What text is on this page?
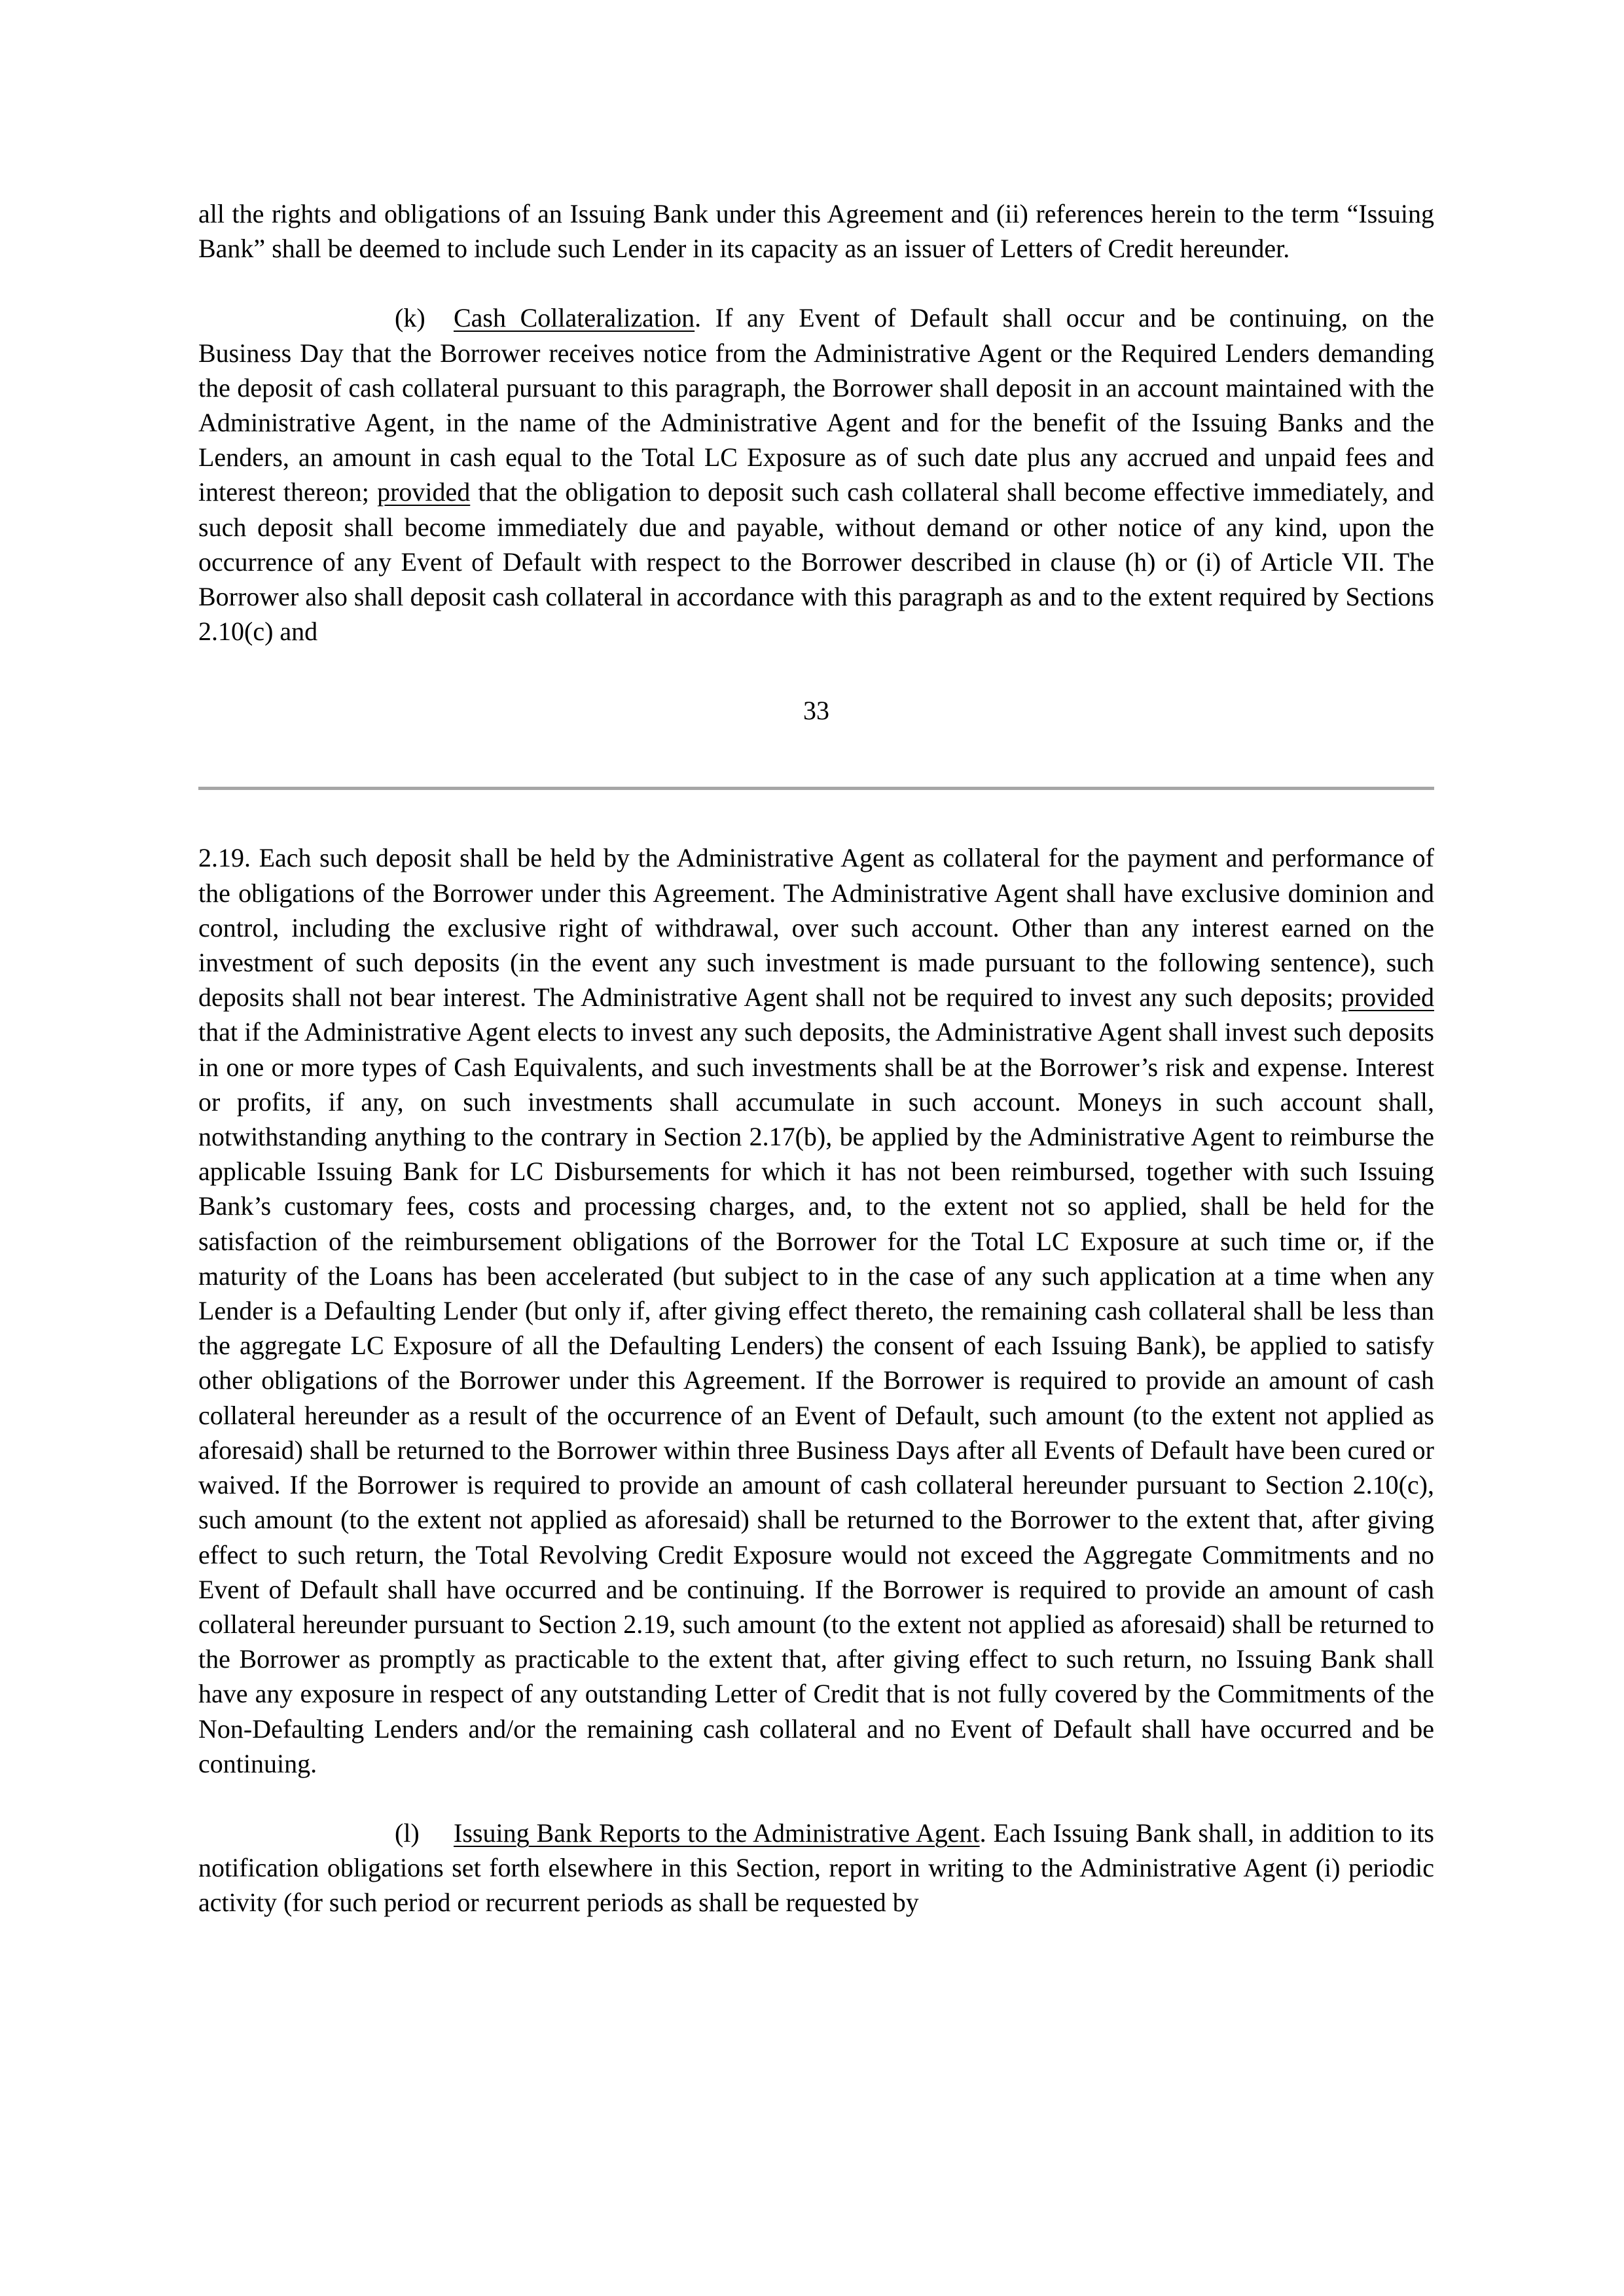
all the rights and obligations of an Issuing Bank under this Agreement and (ii) references herein to the term “Issuing Bank” shall be deemed to include such Lender in its capacity as an issuer of Letters of Credit hereunder.

(k) Cash Collateralization. If any Event of Default shall occur and be continuing, on the Business Day that the Borrower receives notice from the Administrative Agent or the Required Lenders demanding the deposit of cash collateral pursuant to this paragraph, the Borrower shall deposit in an account maintained with the Administrative Agent, in the name of the Administrative Agent and for the benefit of the Issuing Banks and the Lenders, an amount in cash equal to the Total LC Exposure as of such date plus any accrued and unpaid fees and interest thereon; provided that the obligation to deposit such cash collateral shall become effective immediately, and such deposit shall become immediately due and payable, without demand or other notice of any kind, upon the occurrence of any Event of Default with respect to the Borrower described in clause (h) or (i) of Article VII. The Borrower also shall deposit cash collateral in accordance with this paragraph as and to the extent required by Sections 2.10(c) and

33

2.19. Each such deposit shall be held by the Administrative Agent as collateral for the payment and performance of the obligations of the Borrower under this Agreement. The Administrative Agent shall have exclusive dominion and control, including the exclusive right of withdrawal, over such account. Other than any interest earned on the investment of such deposits (in the event any such investment is made pursuant to the following sentence), such deposits shall not bear interest. The Administrative Agent shall not be required to invest any such deposits; provided that if the Administrative Agent elects to invest any such deposits, the Administrative Agent shall invest such deposits in one or more types of Cash Equivalents, and such investments shall be at the Borrower’s risk and expense. Interest or profits, if any, on such investments shall accumulate in such account. Moneys in such account shall, notwithstanding anything to the contrary in Section 2.17(b), be applied by the Administrative Agent to reimburse the applicable Issuing Bank for LC Disbursements for which it has not been reimbursed, together with such Issuing Bank’s customary fees, costs and processing charges, and, to the extent not so applied, shall be held for the satisfaction of the reimbursement obligations of the Borrower for the Total LC Exposure at such time or, if the maturity of the Loans has been accelerated (but subject to in the case of any such application at a time when any Lender is a Defaulting Lender (but only if, after giving effect thereto, the remaining cash collateral shall be less than the aggregate LC Exposure of all the Defaulting Lenders) the consent of each Issuing Bank), be applied to satisfy other obligations of the Borrower under this Agreement. If the Borrower is required to provide an amount of cash collateral hereunder as a result of the occurrence of an Event of Default, such amount (to the extent not applied as aforesaid) shall be returned to the Borrower within three Business Days after all Events of Default have been cured or waived. If the Borrower is required to provide an amount of cash collateral hereunder pursuant to Section 2.10(c), such amount (to the extent not applied as aforesaid) shall be returned to the Borrower to the extent that, after giving effect to such return, the Total Revolving Credit Exposure would not exceed the Aggregate Commitments and no Event of Default shall have occurred and be continuing. If the Borrower is required to provide an amount of cash collateral hereunder pursuant to Section 2.19, such amount (to the extent not applied as aforesaid) shall be returned to the Borrower as promptly as practicable to the extent that, after giving effect to such return, no Issuing Bank shall have any exposure in respect of any outstanding Letter of Credit that is not fully covered by the Commitments of the Non-Defaulting Lenders and/or the remaining cash collateral and no Event of Default shall have occurred and be continuing.

(l) Issuing Bank Reports to the Administrative Agent. Each Issuing Bank shall, in addition to its notification obligations set forth elsewhere in this Section, report in writing to the Administrative Agent (i) periodic activity (for such period or recurrent periods as shall be requested by
